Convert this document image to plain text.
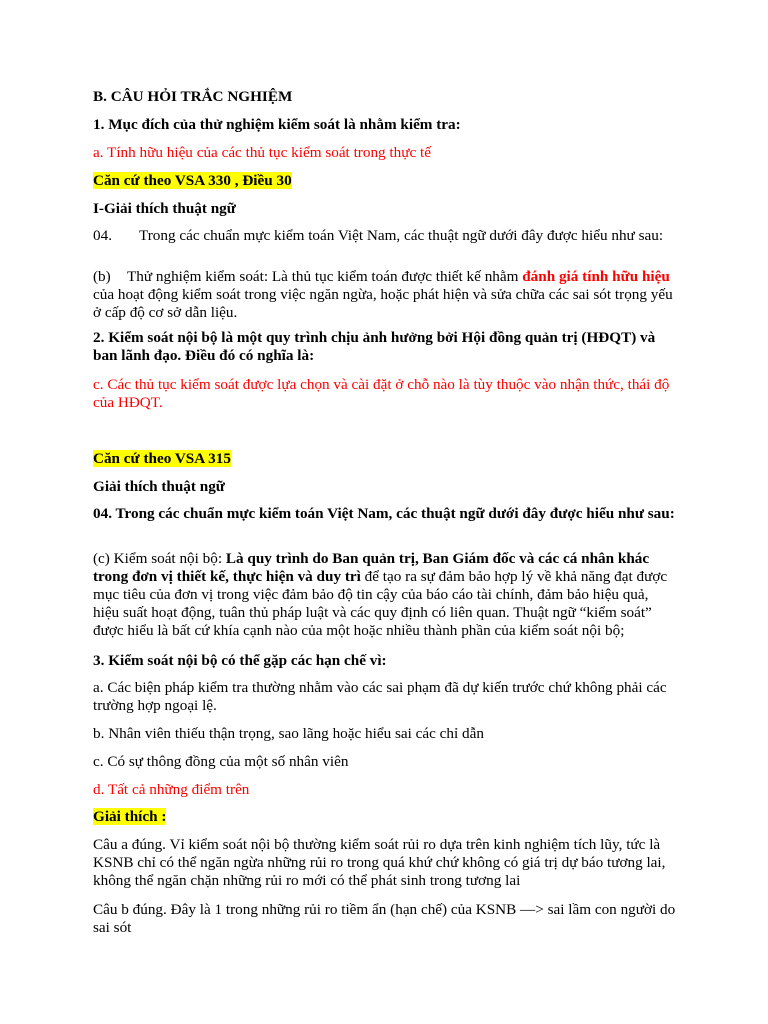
B. CÂU HỎI TRẮC NGHIỆM

1. Mục đích của thử nghiệm kiểm soát là nhằm kiểm tra:

a. Tính hữu hiệu của các thủ tục kiểm soát trong thực tế

Căn cứ theo VSA 330 , Điều 30

I-Giải thích thuật ngữ

04. Trong các chuẩn mực kiểm toán Việt Nam, các thuật ngữ dưới đây được hiểu như sau:

(b) Thử nghiệm kiểm soát: Là thủ tục kiểm toán được thiết kế nhằm đánh giá tính hữu hiệu của hoạt động kiểm soát trong việc ngăn ngừa, hoặc phát hiện và sửa chữa các sai sót trọng yếu ở cấp độ cơ sở dẫn liệu.

2. Kiểm soát nội bộ là một quy trình chịu ảnh hưởng bởi Hội đồng quản trị (HĐQT) và ban lãnh đạo. Điều đó có nghĩa là:

c. Các thủ tục kiểm soát được lựa chọn và cài đặt ở chỗ nào là tùy thuộc vào nhận thức, thái độ của HĐQT.

Căn cứ theo VSA 315

Giải thích thuật ngữ

04. Trong các chuẩn mực kiểm toán Việt Nam, các thuật ngữ dưới đây được hiểu như sau:

(c) Kiểm soát nội bộ: Là quy trình do Ban quản trị, Ban Giám đốc và các cá nhân khác trong đơn vị thiết kế, thực hiện và duy trì để tạo ra sự đảm bảo hợp lý về khả năng đạt được mục tiêu của đơn vị trong việc đảm bảo độ tin cậy của báo cáo tài chính, đảm bảo hiệu quả, hiệu suất hoạt động, tuân thủ pháp luật và các quy định có liên quan. Thuật ngữ “kiểm soát” được hiểu là bất cứ khía cạnh nào của một hoặc nhiều thành phần của kiểm soát nội bộ;

3. Kiểm soát nội bộ có thể gặp các hạn chế vì:

a. Các biện pháp kiểm tra thường nhằm vào các sai phạm đã dự kiến trước chứ không phải các trường hợp ngoại lệ.

b. Nhân viên thiếu thận trọng, sao lãng hoặc hiểu sai các chỉ dẫn

c. Có sự thông đồng của một số nhân viên

d. Tất cả những điểm trên

Giải thích :

Câu a đúng. Vỉ kiểm soát nội bộ thường kiểm soát rủi ro dựa trên kinh nghiệm tích lũy, tức là KSNB chỉ có thể ngăn ngừa những rủi ro trong quá khứ chứ không có giá trị dự báo tương lai, không thể ngăn chặn những rủi ro mới có thể phát sinh trong tương lai

Câu b đúng. Đây là 1 trong những rủi ro tiềm ẩn (hạn chế) của KSNB —> sai lầm con người do sai sót
